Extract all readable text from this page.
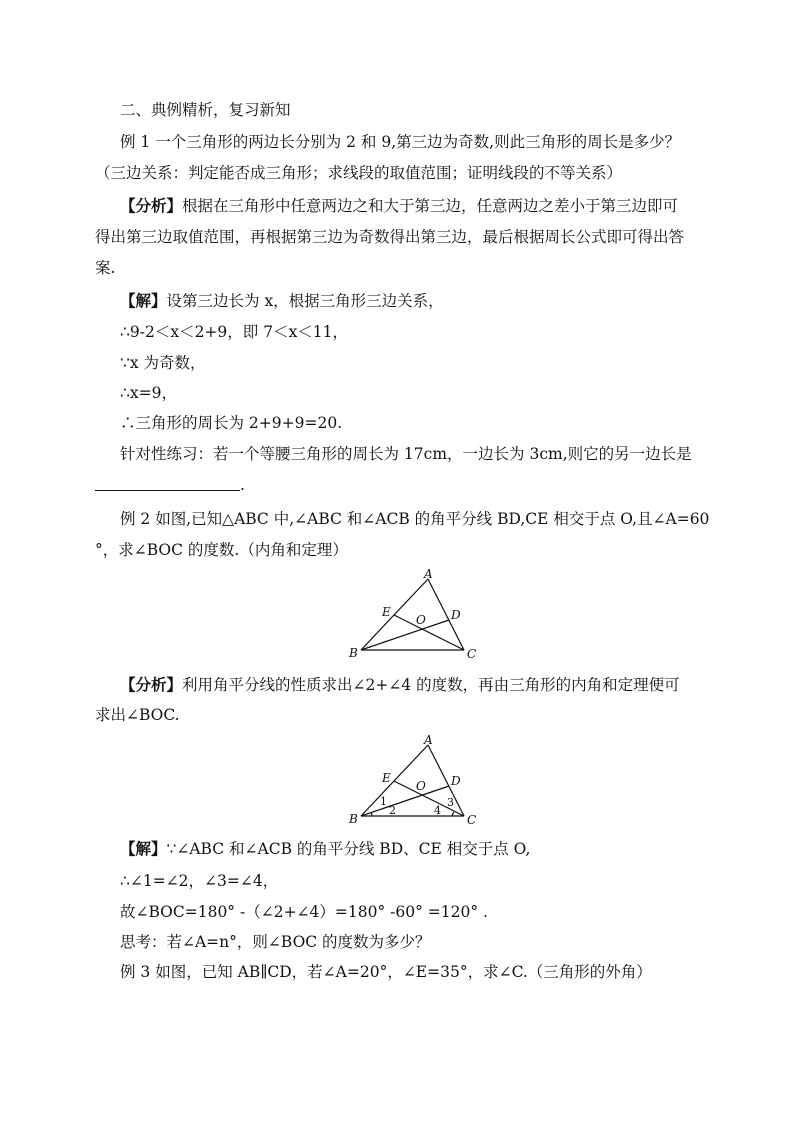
二、典例精析，复习新知
例 1 一个三角形的两边长分别为 2 和 9,第三边为奇数,则此三角形的周长是多少？
（三边关系：判定能否成三角形；求线段的取值范围；证明线段的不等关系）
【分析】根据在三角形中任意两边之和大于第三边，任意两边之差小于第三边即可
得出第三边取值范围，再根据第三边为奇数得出第三边，最后根据周长公式即可得出答
案.
【解】设第三边长为 x，根据三角形三边关系，
∴9-2＜x＜2+9，即 7＜x＜11，
∵x 为奇数，
∴x=9，
∴三角形的周长为 2+9+9=20.
针对性练习：若一个等腰三角形的周长为 17cm，一边长为 3cm,则它的另一边长是
.
例 2 如图,已知△ABC 中,∠ABC 和∠ACB 的角平分线 BD,CE 相交于点 O,且∠A=60
°，求∠BOC 的度数.（内角和定理）
A
B	C
D
E
O
【分析】利用角平分线的性质求出∠2+∠4 的度数，再由三角形的内角和定理便可
求出∠BOC.
A
B	C
D
E
O
1
2
3
4
【解】∵∠ABC 和∠ACB 的角平分线 BD、CE 相交于点 O,
∴∠1=∠2，∠3=∠4，
故∠BOC=180° -（∠2+∠4）=180° -60° =120° .
思考：若∠A=n°，则∠BOC 的度数为多少？
例 3 如图，已知 AB∥CD，若∠A=20°，∠E=35°，求∠C.（三角形的外角）
